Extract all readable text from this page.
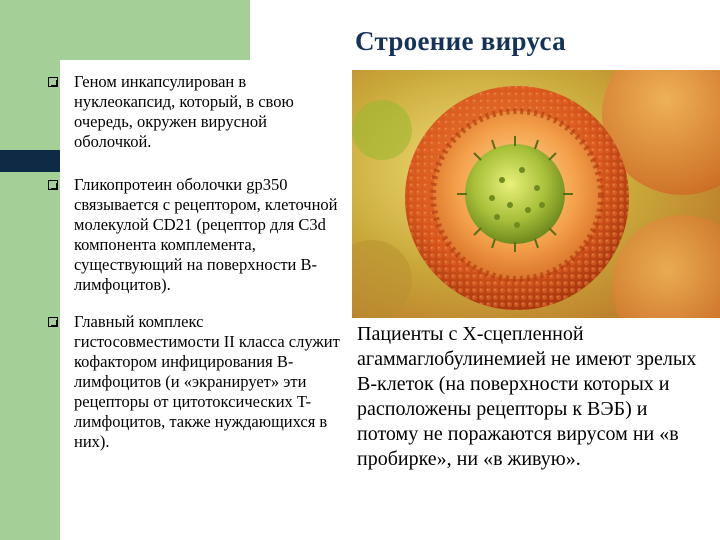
Строение вируса
Геном инкапсулирован в нуклеокапсид, который, в свою очередь, окружен вирусной оболочкой.
Гликопротеин оболочки gp350 связывается с рецептором, клеточной молекулой CD21 (рецептор для C3d компонента комплемента, существующий на поверхности B-лимфоцитов).
Главный комплекс гистосовместимости II класса служит кофактором инфицирования B-лимфоцитов (и «экранирует» эти рецепторы от цитотоксических T-лимфоцитов, также нуждающихся в них).
Пациенты с X-сцепленной агаммаглобулинемией не имеют зрелых B-клеток (на поверхности которых и расположены рецепторы к ВЭБ) и потому не поражаются вирусом ни «в пробирке», ни «в живую».
